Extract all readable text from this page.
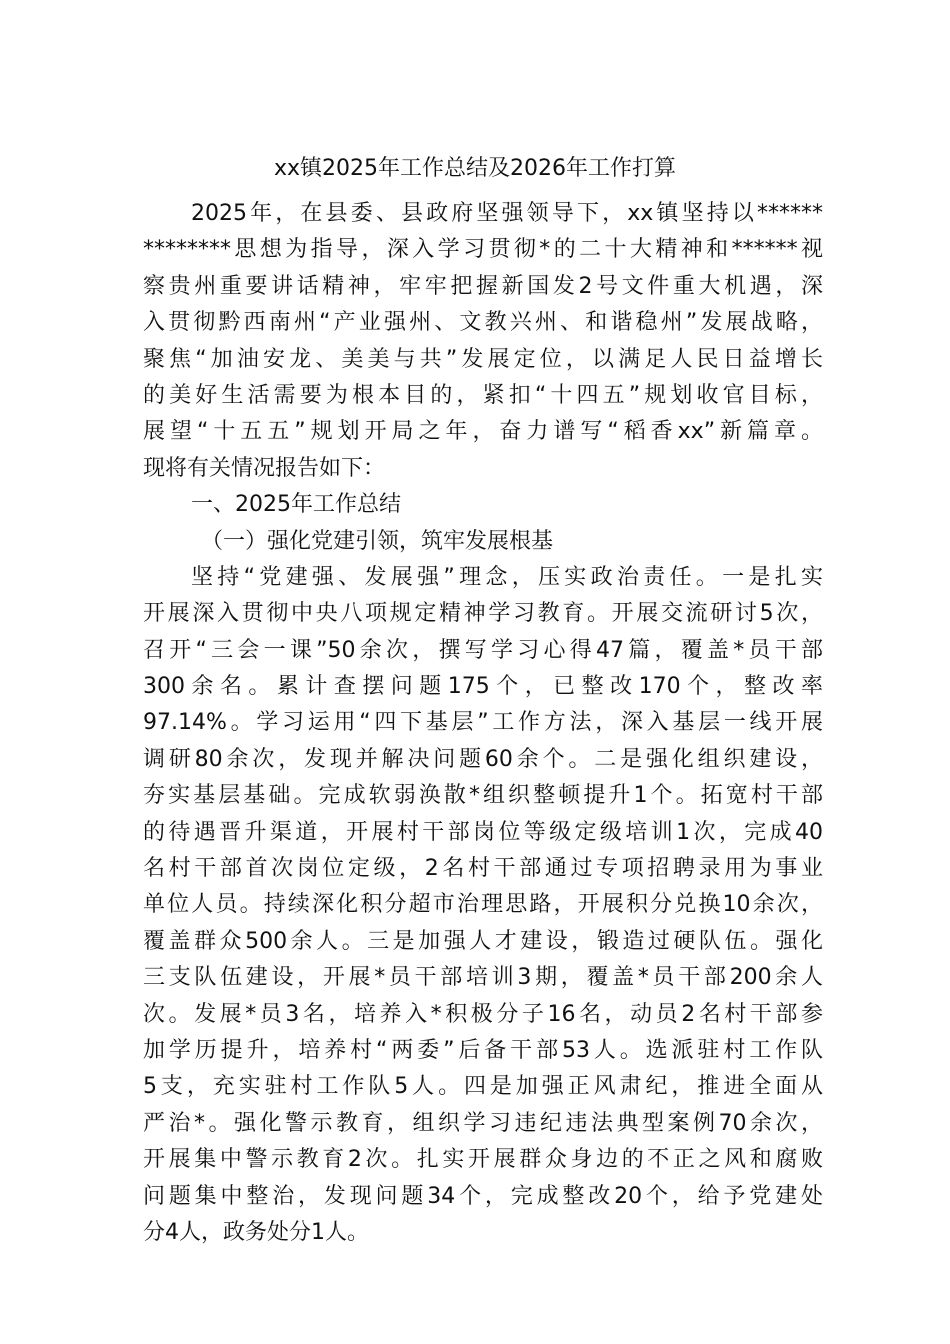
xx镇2025年工作总结及2026年工作打算
2025年，在县委、县政府坚强领导下，xx镇坚持以******
********思想为指导，深入学习贯彻*的二十大精神和******视
察贵州重要讲话精神，牢牢把握新国发2号文件重大机遇，深
入贯彻黔西南州“产业强州、文教兴州、和谐稳州”发展战略，
聚焦“加油安龙、美美与共”发展定位，以满足人民日益增长
的美好生活需要为根本目的，紧扣“十四五”规划收官目标，
展望“十五五”规划开局之年，奋力谱写“稻香xx”新篇章。
现将有关情况报告如下：
一、2025年工作总结
（一）强化党建引领，筑牢发展根基
坚持“党建强、发展强”理念，压实政治责任。一是扎实
开展深入贯彻中央八项规定精神学习教育。开展交流研讨5次，
召开“三会一课”50余次，撰写学习心得47篇，覆盖*员干部
300余名。累计查摆问题175个，已整改170个，整改率
97.14%。学习运用“四下基层”工作方法，深入基层一线开展
调研80余次，发现并解决问题60余个。二是强化组织建设，
夯实基层基础。完成软弱涣散*组织整顿提升1个。拓宽村干部
的待遇晋升渠道，开展村干部岗位等级定级培训1次，完成40
名村干部首次岗位定级，2名村干部通过专项招聘录用为事业
单位人员。持续深化积分超市治理思路，开展积分兑换10余次，
覆盖群众500余人。三是加强人才建设，锻造过硬队伍。强化
三支队伍建设，开展*员干部培训3期，覆盖*员干部200余人
次。发展*员3名，培养入*积极分子16名，动员2名村干部参
加学历提升，培养村“两委”后备干部53人。选派驻村工作队
5支，充实驻村工作队5人。四是加强正风肃纪，推进全面从
严治*。强化警示教育，组织学习违纪违法典型案例70余次，
开展集中警示教育2次。扎实开展群众身边的不正之风和腐败
问题集中整治，发现问题34个，完成整改20个，给予党建处
分4人，政务处分1人。
